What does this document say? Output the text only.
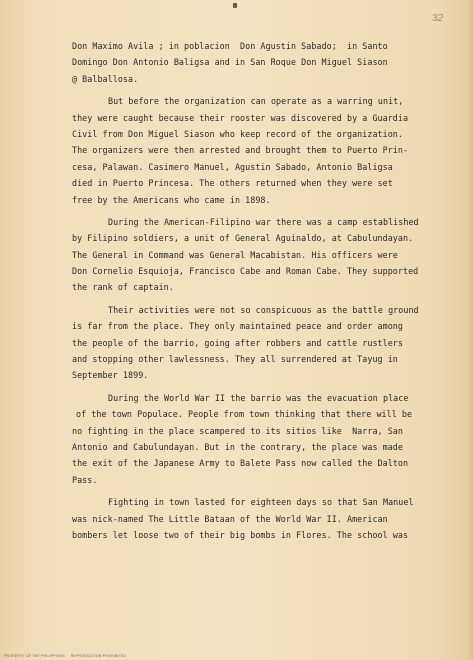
32
Don Maximo Avila ; in poblacion  Don Agustin Sabado;  in Santo
Domingo Don Antonio Baligsa and in San Roque Don Miguel Siason
@ Balballosa.
But before the organization can operate as a warring unit,
they were caught because their rooster was discovered by a Guardia
Civil from Don Miguel Siason who keep record of the organization.
The organizers were then arrested and brought them to Puerto Prin-
cesa, Palawan. Casimero Manuel, Agustin Sabado, Antonio Baligsa
died in Puerto Princesa. The others returned when they were set
free by the Americans who came in 1898.
During the American-Filipino war there was a camp established
by Filipino soldiers, a unit of General Aguinaldo, at Cabulundayan.
The General in Command was General Macabistan. His officers were
Don Cornelio Esquioja, Francisco Cabe and Roman Cabe. They supported
the rank of captain.
Their activities were not so conspicuous as the battle ground
is far from the place. They only maintained peace and order among
the people of the barrio, going after robbers and cattle rustlers
and stopping other lawlessness. They all surrendered at Tayug in
September 1899.
During the World War II the barrio was the evacuation place
of the town Populace. People from town thinking that there will be
no fighting in the place scampered to its sitios like  Narra, San
Antonio and Cabulundayan. But in the contrary, the place was made
the exit of the Japanese Army to Balete Pass now called the Dalton
Pass.
Fighting in town lasted for eighteen days so that San Manuel
was nick-named The Little Bataan of the World War II. American
bombers let loose two of their big bombs in Flores. The school was
PROPERTY OF THE PHILIPPINES     REPRODUCTION PROHIBITED
